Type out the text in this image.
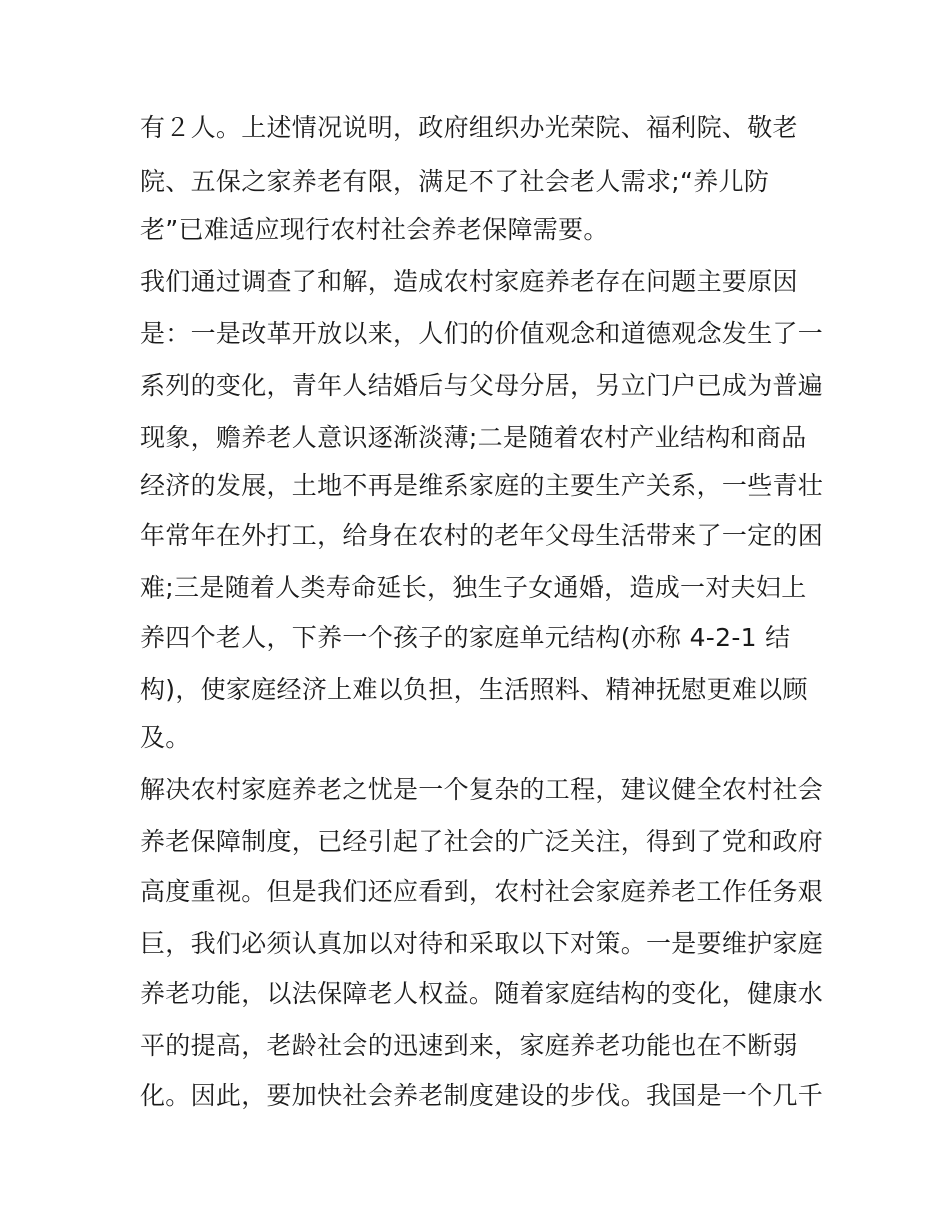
有２人。上述情况说明，政府组织办光荣院、福利院、敬老

院、五保之家养老有限，满足不了社会老人需求;“养儿防

老”已难适应现行农村社会养老保障需要。

我们通过调查了和解，造成农村家庭养老存在问题主要原因

是：一是改革开放以来，人们的价值观念和道德观念发生了一

系列的变化，青年人结婚后与父母分居，另立门户已成为普遍

现象，赡养老人意识逐渐淡薄;二是随着农村产业结构和商品

经济的发展，土地不再是维系家庭的主要生产关系，一些青壮

年常年在外打工，给身在农村的老年父母生活带来了一定的困

难;三是随着人类寿命延长，独生子女通婚，造成一对夫妇上

养四个老人，下养一个孩子的家庭单元结构(亦称 4-2-1 结

构)，使家庭经济上难以负担，生活照料、精神抚慰更难以顾

及。

解决农村家庭养老之忧是一个复杂的工程，建议健全农村社会

养老保障制度，已经引起了社会的广泛关注，得到了党和政府

高度重视。但是我们还应看到，农村社会家庭养老工作任务艰

巨，我们必须认真加以对待和采取以下对策。一是要维护家庭

养老功能，以法保障老人权益。随着家庭结构的变化，健康水

平的提高，老龄社会的迅速到来，家庭养老功能也在不断弱

化。因此，要加快社会养老制度建设的步伐。我国是一个几千
